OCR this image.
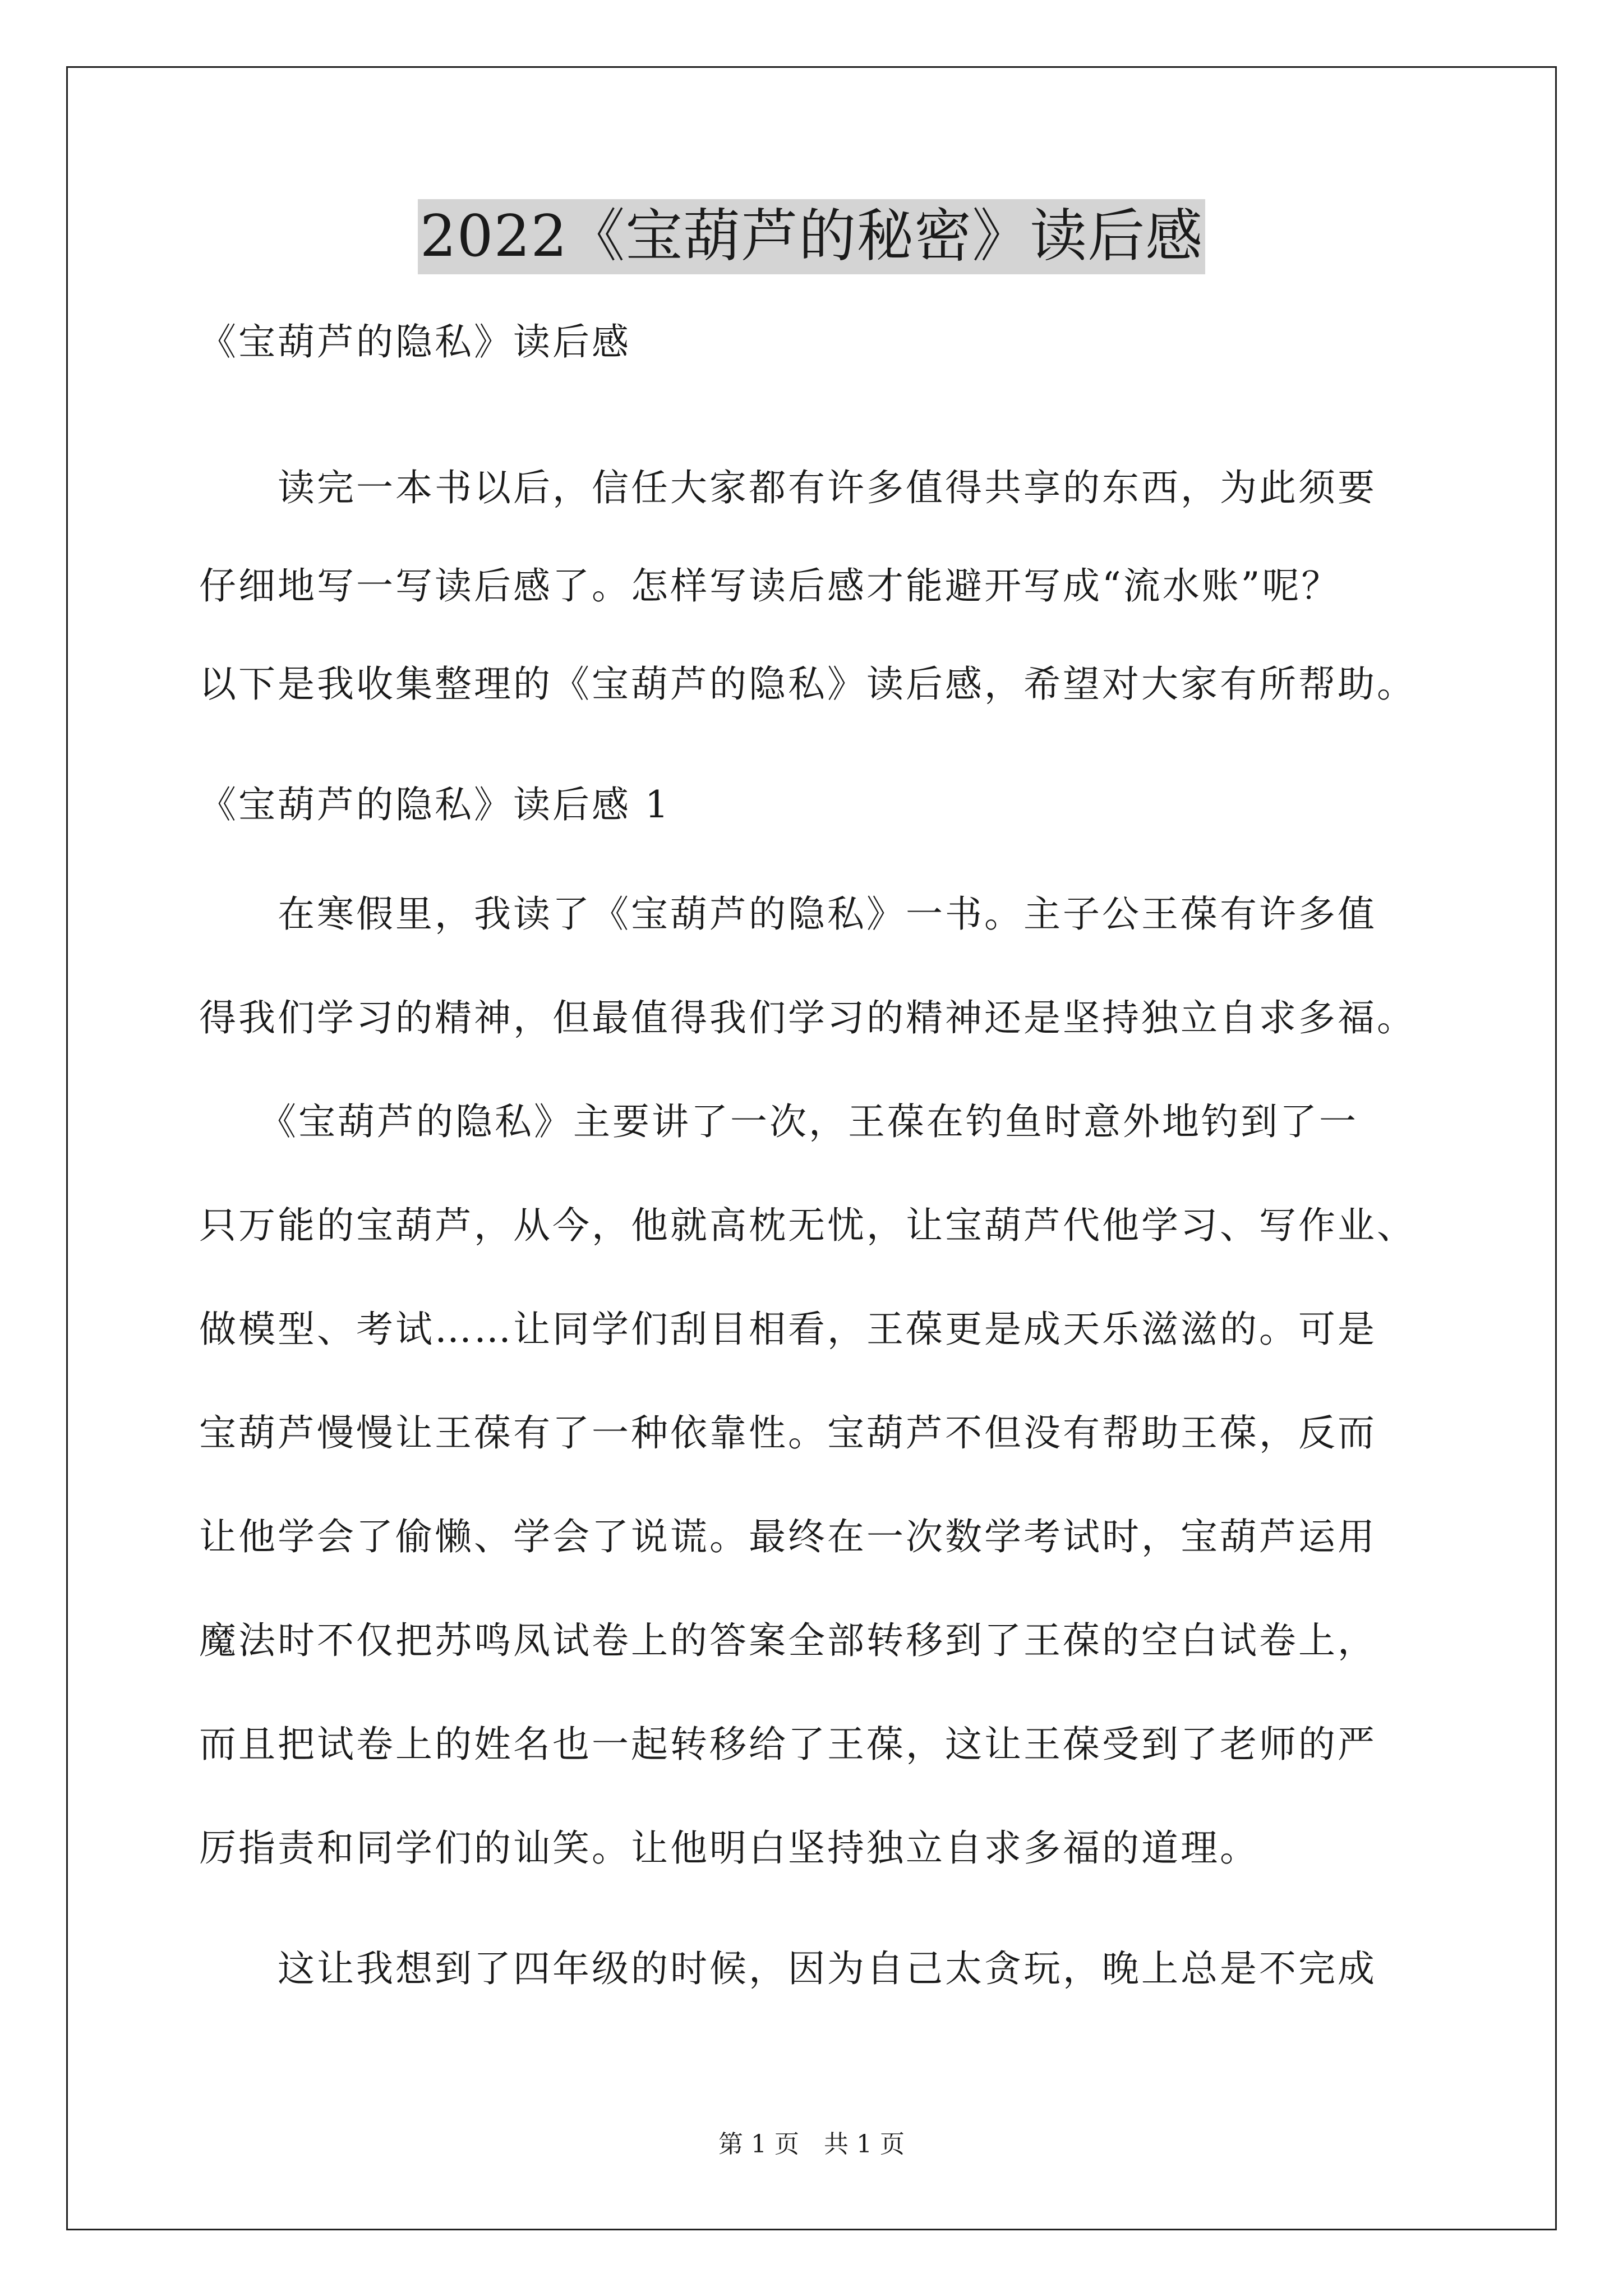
2022《宝葫芦的秘密》读后感
《宝葫芦的隐私》读后感
　　读完一本书以后，信任大家都有许多值得共享的东西，为此须要
仔细地写一写读后感了。怎样写读后感才能避开写成“流水账”呢？
以下是我收集整理的《宝葫芦的隐私》读后感，希望对大家有所帮助。
《宝葫芦的隐私》读后感 1
　　在寒假里，我读了《宝葫芦的隐私》一书。主子公王葆有许多值
得我们学习的精神，但最值得我们学习的精神还是坚持独立自求多福。
　　《宝葫芦的隐私》主要讲了一次，王葆在钓鱼时意外地钓到了一
只万能的宝葫芦，从今，他就高枕无忧，让宝葫芦代他学习、写作业、
做模型、考试……让同学们刮目相看，王葆更是成天乐滋滋的。可是
宝葫芦慢慢让王葆有了一种依靠性。宝葫芦不但没有帮助王葆，反而
让他学会了偷懒、学会了说谎。最终在一次数学考试时，宝葫芦运用
魔法时不仅把苏鸣凤试卷上的答案全部转移到了王葆的空白试卷上，
而且把试卷上的姓名也一起转移给了王葆，这让王葆受到了老师的严
厉指责和同学们的讪笑。让他明白坚持独立自求多福的道理。
　　这让我想到了四年级的时候，因为自己太贪玩，晚上总是不完成
第 1 页　共 1 页
